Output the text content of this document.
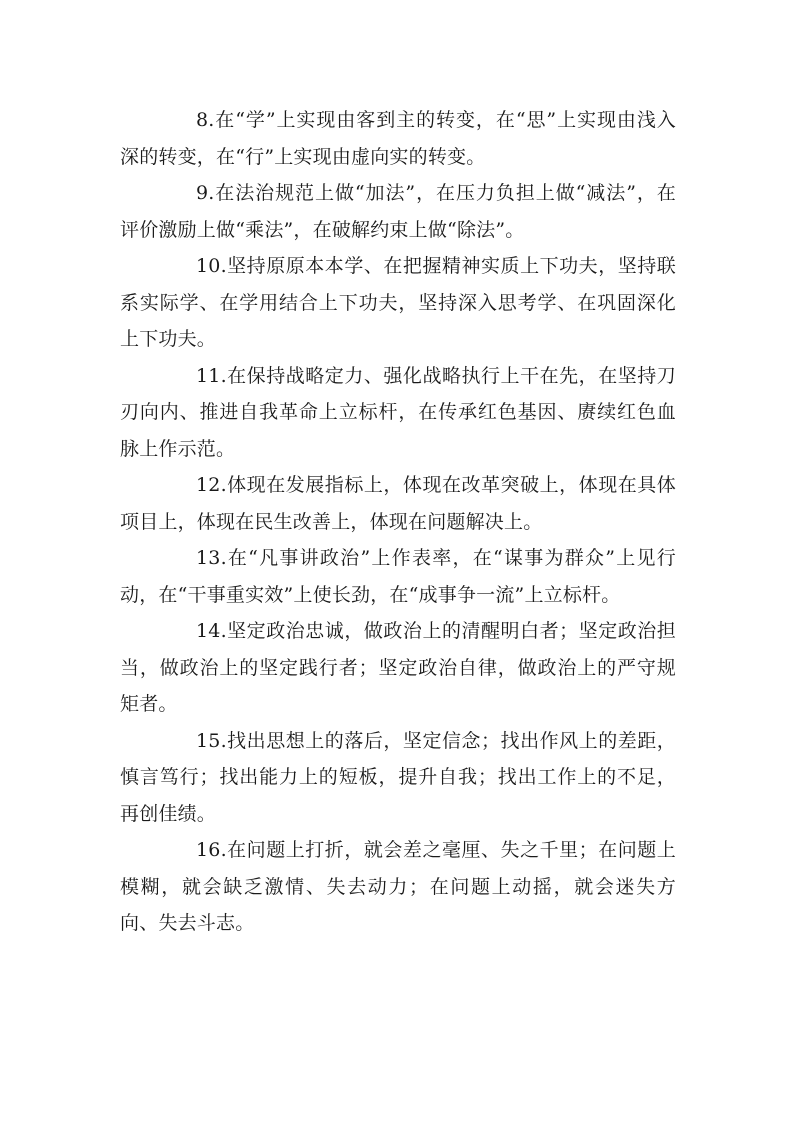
8.在“学”上实现由客到主的转变，在“思”上实现由浅入深的转变，在“行”上实现由虚向实的转变。

9.在法治规范上做“加法”，在压力负担上做“减法”，在评价激励上做“乘法”，在破解约束上做“除法”。

10.坚持原原本本学、在把握精神实质上下功夫，坚持联系实际学、在学用结合上下功夫，坚持深入思考学、在巩固深化上下功夫。

11.在保持战略定力、强化战略执行上干在先，在坚持刀刃向内、推进自我革命上立标杆，在传承红色基因、赓续红色血脉上作示范。

12.体现在发展指标上，体现在改革突破上，体现在具体项目上，体现在民生改善上，体现在问题解决上。

13.在“凡事讲政治”上作表率，在“谋事为群众”上见行动，在“干事重实效”上使长劲，在“成事争一流”上立标杆。

14.坚定政治忠诚，做政治上的清醒明白者；坚定政治担当，做政治上的坚定践行者；坚定政治自律，做政治上的严守规矩者。

15.找出思想上的落后，坚定信念；找出作风上的差距，慎言笃行；找出能力上的短板，提升自我；找出工作上的不足，再创佳绩。

16.在问题上打折，就会差之毫厘、失之千里；在问题上模糊，就会缺乏激情、失去动力；在问题上动摇，就会迷失方向、失去斗志。
